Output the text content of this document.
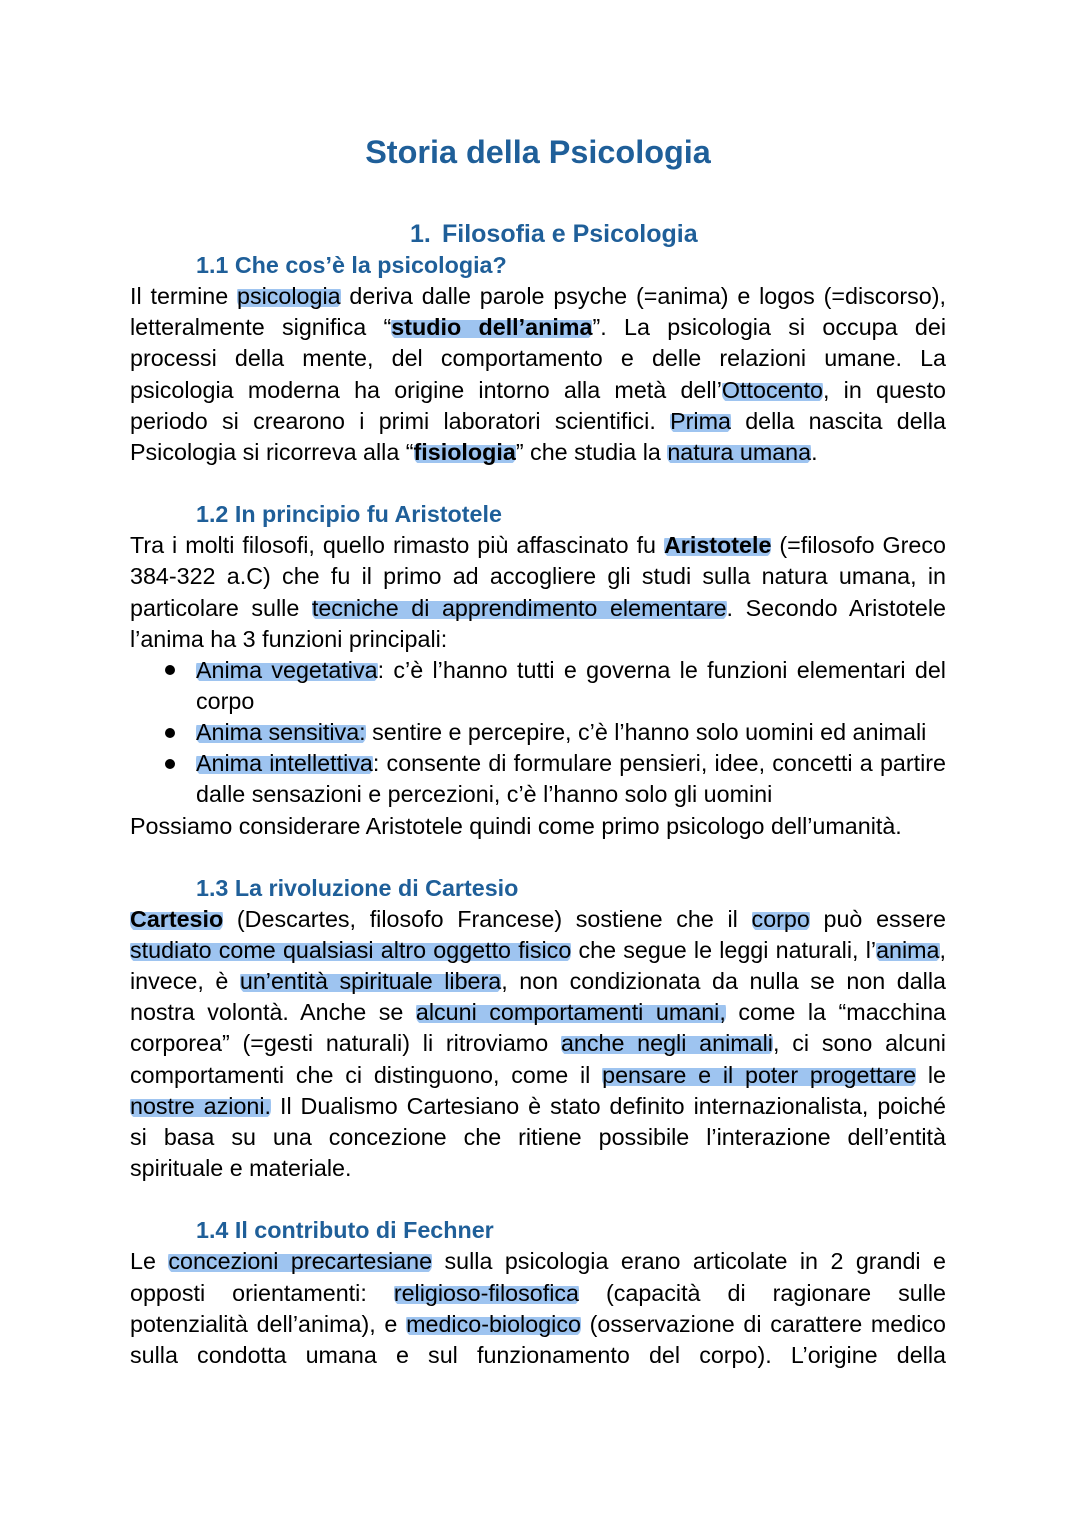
Storia della Psicologia
1. Filosofia e Psicologia
1.1 Che cos’è la psicologia?
Il termine psicologia deriva dalle parole psyche (=anima) e logos (=discorso),
letteralmente significa “studio dell’anima”. La psicologia si occupa dei
processi della mente, del comportamento e delle relazioni umane. La
psicologia moderna ha origine intorno alla metà dell’Ottocento, in questo
periodo si crearono i primi laboratori scientifici. Prima della nascita della
Psicologia si ricorreva alla “fisiologia” che studia la natura umana.
1.2 In principio fu Aristotele
Tra i molti filosofi, quello rimasto più affascinato fu Aristotele (=filosofo Greco
384-322 a.C) che fu il primo ad accogliere gli studi sulla natura umana, in
particolare sulle tecniche di apprendimento elementare. Secondo Aristotele
l’anima ha 3 funzioni principali:
Anima vegetativa: c’è l’hanno tutti e governa le funzioni elementari del
corpo
Anima sensitiva: sentire e percepire, c’è l’hanno solo uomini ed animali
Anima intellettiva: consente di formulare pensieri, idee, concetti a partire
dalle sensazioni e percezioni, c’è l’hanno solo gli uomini
Possiamo considerare Aristotele quindi come primo psicologo dell’umanità.
1.3 La rivoluzione di Cartesio
Cartesio (Descartes, filosofo Francese) sostiene che il corpo può essere
studiato come qualsiasi altro oggetto fisico che segue le leggi naturali, l’anima,
invece, è un’entità spirituale libera, non condizionata da nulla se non dalla
nostra volontà. Anche se alcuni comportamenti umani, come la “macchina
corporea” (=gesti naturali) li ritroviamo anche negli animali, ci sono alcuni
comportamenti che ci distinguono, come il pensare e il poter progettare le
nostre azioni. Il Dualismo Cartesiano è stato definito internazionalista, poiché
si basa su una concezione che ritiene possibile l’interazione dell’entità
spirituale e materiale.
1.4 Il contributo di Fechner
Le concezioni precartesiane sulla psicologia erano articolate in 2 grandi e
opposti orientamenti: religioso-filosofica (capacità di ragionare sulle
potenzialità dell’anima), e medico-biologico (osservazione di carattere medico
sulla condotta umana e sul funzionamento del corpo). L’origine della
